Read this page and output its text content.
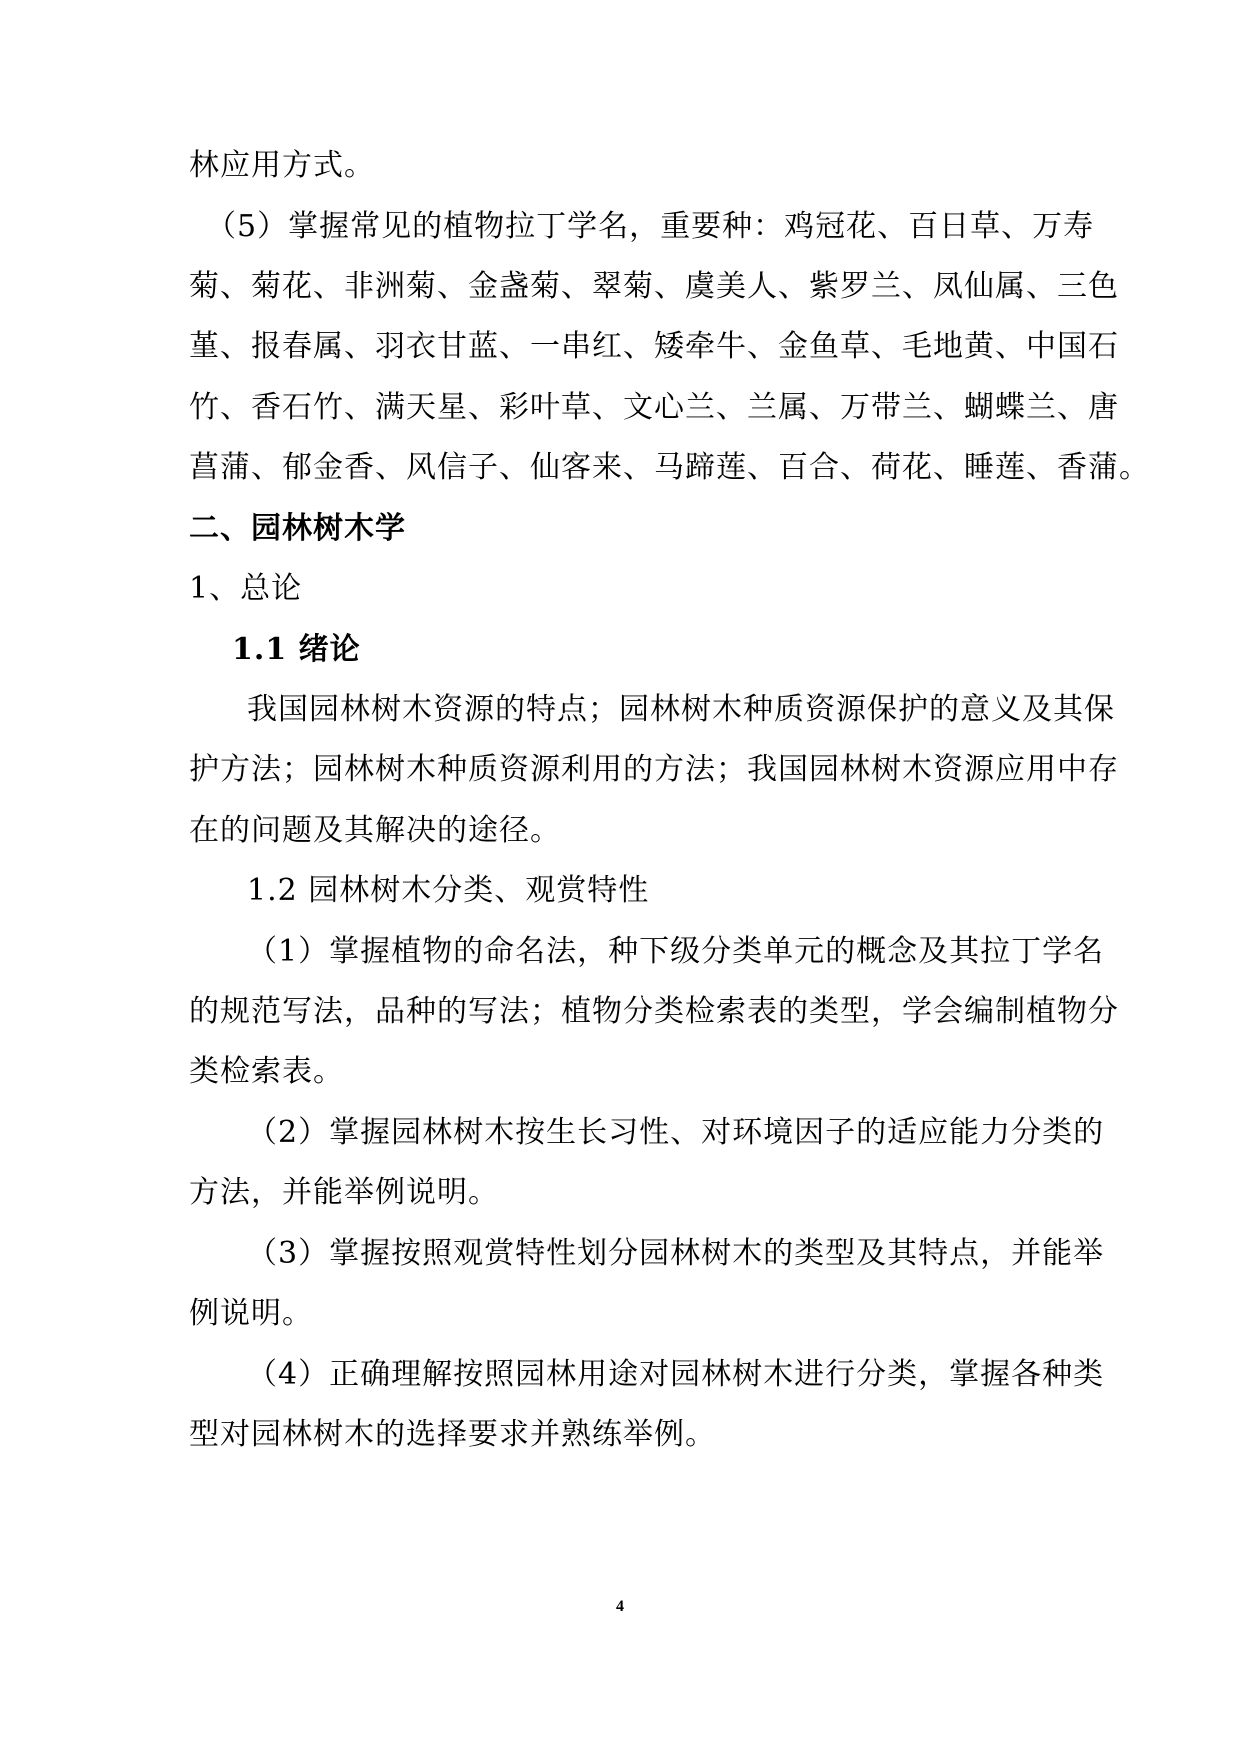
林应用方式。
（5）掌握常见的植物拉丁学名，重要种：鸡冠花、百日草、万寿
菊、菊花、非洲菊、金盏菊、翠菊、虞美人、紫罗兰、凤仙属、三色
堇、报春属、羽衣甘蓝、一串红、矮牵牛、金鱼草、毛地黄、中国石
竹、香石竹、满天星、彩叶草、文心兰、兰属、万带兰、蝴蝶兰、唐
菖蒲、郁金香、风信子、仙客来、马蹄莲、百合、荷花、睡莲、香蒲。
二、园林树木学
1、总论
1.1 绪论
我国园林树木资源的特点；园林树木种质资源保护的意义及其保
护方法；园林树木种质资源利用的方法；我国园林树木资源应用中存
在的问题及其解决的途径。
1.2 园林树木分类、观赏特性
（1）掌握植物的命名法，种下级分类单元的概念及其拉丁学名
的规范写法，品种的写法；植物分类检索表的类型，学会编制植物分
类检索表。
（2）掌握园林树木按生长习性、对环境因子的适应能力分类的
方法，并能举例说明。
（3）掌握按照观赏特性划分园林树木的类型及其特点，并能举
例说明。
（4）正确理解按照园林用途对园林树木进行分类，掌握各种类
型对园林树木的选择要求并熟练举例。
4
